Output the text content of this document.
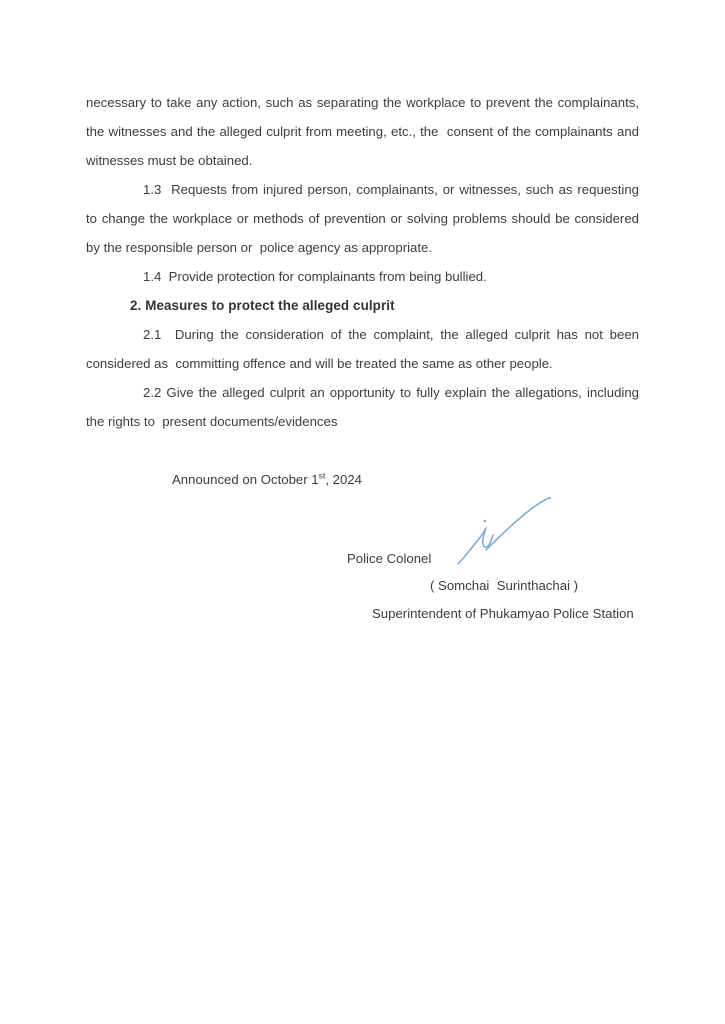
necessary to take any action, such as separating the workplace to prevent the complainants, the witnesses and the alleged culprit from meeting, etc., the  consent of the complainants and witnesses must be obtained.

1.3  Requests from injured person, complainants, or witnesses, such as requesting to change the workplace or methods of prevention or solving problems should be considered by the responsible person or  police agency as appropriate.

1.4  Provide protection for complainants from being bullied.

2. Measures to protect the alleged culprit

2.1  During the consideration of the complaint, the alleged culprit has not been considered as  committing offence and will be treated the same as other people.

2.2 Give the alleged culprit an opportunity to fully explain the allegations, including the rights to  present documents/evidences

Announced on October 1st, 2024

Police Colonel
( Somchai  Surinthachai )
Superintendent of Phukamyao Police Station
